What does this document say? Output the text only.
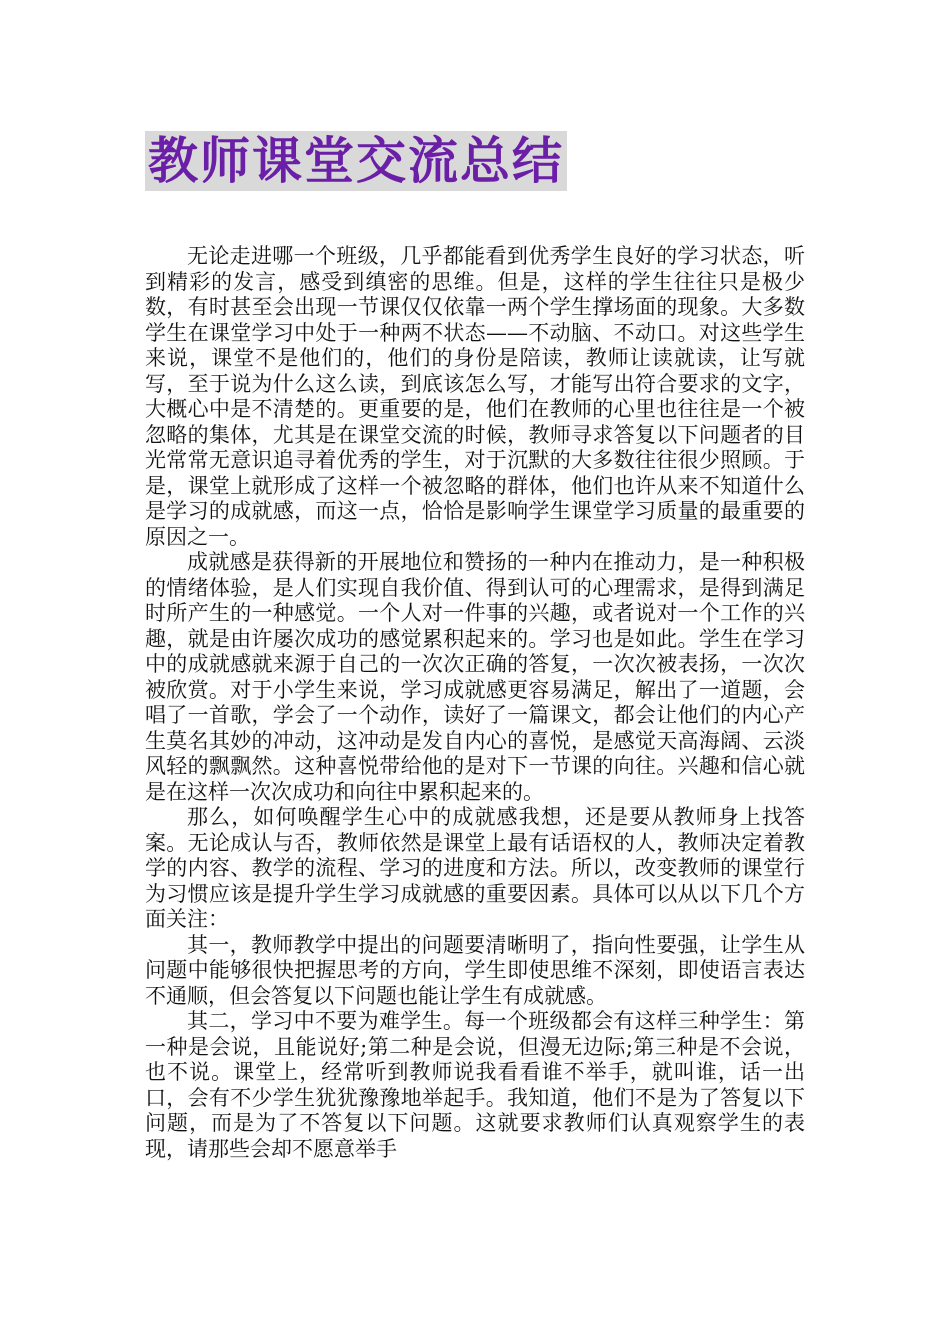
教师课堂交流总结

无论走进哪一个班级，几乎都能看到优秀学生良好的学习状态，听到精彩的发言，感受到缜密的思维。但是，这样的学生往往只是极少数，有时甚至会出现一节课仅仅依靠一两个学生撑场面的现象。大多数学生在课堂学习中处于一种两不状态——不动脑、不动口。对这些学生来说，课堂不是他们的，他们的身份是陪读，教师让读就读，让写就写，至于说为什么这么读，到底该怎么写，才能写出符合要求的文字，大概心中是不清楚的。更重要的是，他们在教师的心里也往往是一个被忽略的集体，尤其是在课堂交流的时候，教师寻求答复以下问题者的目光常常无意识追寻着优秀的学生，对于沉默的大多数往往很少照顾。于是，课堂上就形成了这样一个被忽略的群体，他们也许从来不知道什么是学习的成就感，而这一点，恰恰是影响学生课堂学习质量的最重要的原因之一。

成就感是获得新的开展地位和赞扬的一种内在推动力，是一种积极的情绪体验，是人们实现自我价值、得到认可的心理需求，是得到满足时所产生的一种感觉。一个人对一件事的兴趣，或者说对一个工作的兴趣，就是由许屡次成功的感觉累积起来的。学习也是如此。学生在学习中的成就感就来源于自己的一次次正确的答复，一次次被表扬，一次次被欣赏。对于小学生来说，学习成就感更容易满足，解出了一道题，会唱了一首歌，学会了一个动作，读好了一篇课文，都会让他们的内心产生莫名其妙的冲动，这冲动是发自内心的喜悦，是感觉天高海阔、云淡风轻的飘飘然。这种喜悦带给他的是对下一节课的向往。兴趣和信心就是在这样一次次成功和向往中累积起来的。

那么，如何唤醒学生心中的成就感我想，还是要从教师身上找答案。无论成认与否，教师依然是课堂上最有话语权的人，教师决定着教学的内容、教学的流程、学习的进度和方法。所以，改变教师的课堂行为习惯应该是提升学生学习成就感的重要因素。具体可以从以下几个方面关注：

其一，教师教学中提出的问题要清晰明了，指向性要强，让学生从问题中能够很快把握思考的方向，学生即使思维不深刻，即使语言表达不通顺，但会答复以下问题也能让学生有成就感。

其二，学习中不要为难学生。每一个班级都会有这样三种学生：第一种是会说，且能说好;第二种是会说，但漫无边际;第三种是不会说，也不说。课堂上，经常听到教师说我看看谁不举手，就叫谁，话一出口，会有不少学生犹犹豫豫地举起手。我知道，他们不是为了答复以下问题，而是为了不答复以下问题。这就要求教师们认真观察学生的表现，请那些会却不愿意举手
